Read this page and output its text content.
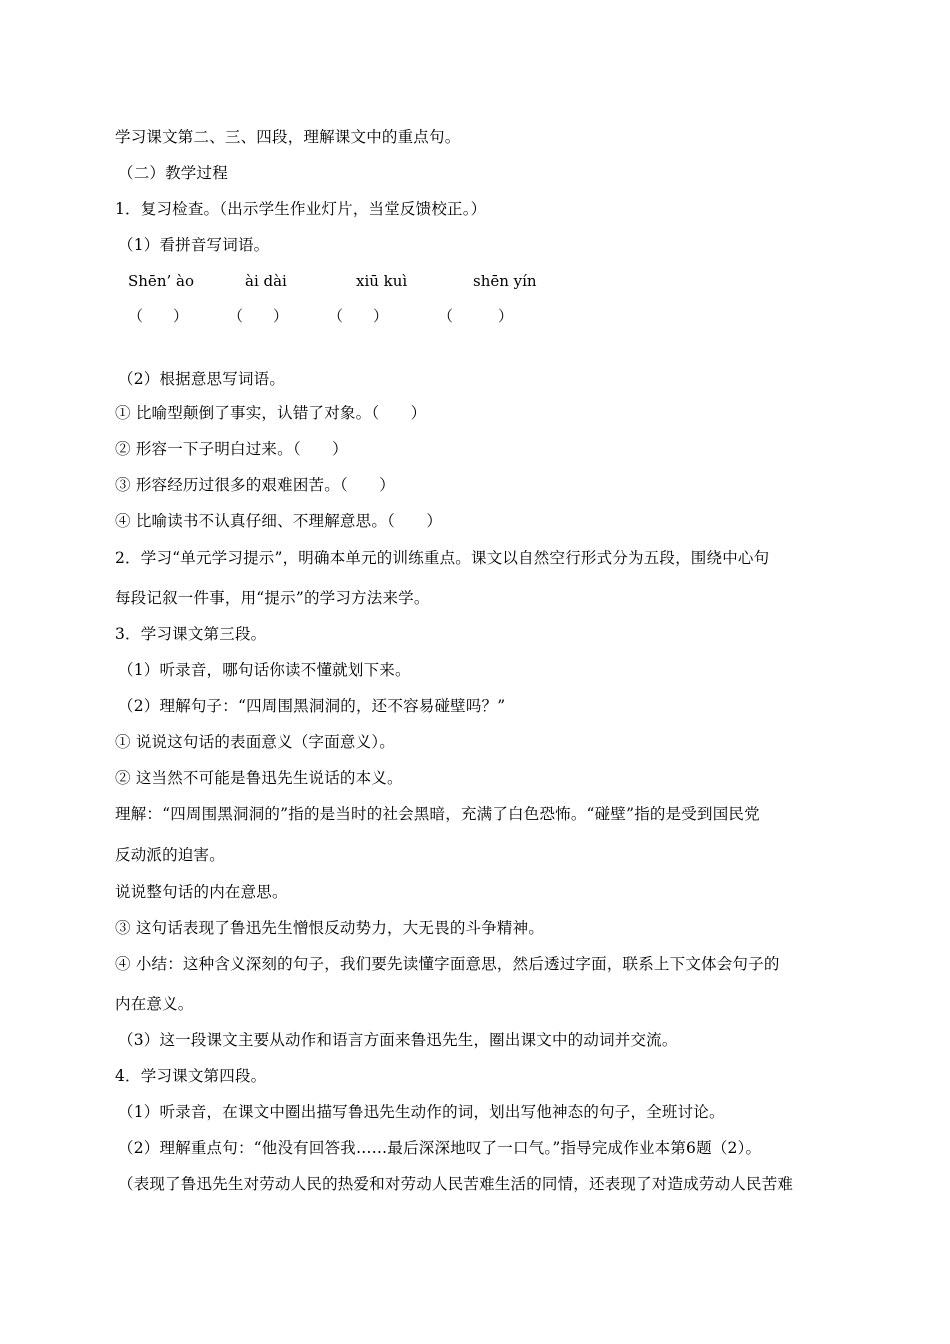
学习课文第二、三、四段，理解课文中的重点句。
（二）教学过程
1．复习检查。（出示学生作业灯片，当堂反馈校正。）
（1）看拼音写词语。
Shēn’ ào	ài dài	xiū kuì	shēn yín
（　　）	（　　）	（　　）	（　　　）
（2）根据意思写词语。
① 比喻型颠倒了事实，认错了对象。（　　）
② 形容一下子明白过来。（　　）
③ 形容经历过很多的艰难困苦。（　　）
④ 比喻读书不认真仔细、不理解意思。（　　）
2．学习“单元学习提示”，明确本单元的训练重点。课文以自然空行形式分为五段，围绕中心句
每段记叙一件事，用“提示”的学习方法来学。
3．学习课文第三段。
（1）听录音，哪句话你读不懂就划下来。
（2）理解句子：“四周围黑洞洞的，还不容易碰壁吗？”
① 说说这句话的表面意义（字面意义）。
② 这当然不可能是鲁迅先生说话的本义。
理解：“四周围黑洞洞的”指的是当时的社会黑暗，充满了白色恐怖。“碰壁”指的是受到国民党
反动派的迫害。
说说整句话的内在意思。
③ 这句话表现了鲁迅先生憎恨反动势力，大无畏的斗争精神。
④ 小结：这种含义深刻的句子，我们要先读懂字面意思，然后透过字面，联系上下文体会句子的
内在意义。
（3）这一段课文主要从动作和语言方面来鲁迅先生，圈出课文中的动词并交流。
4．学习课文第四段。
（1）听录音，在课文中圈出描写鲁迅先生动作的词，划出写他神态的句子，全班讨论。
（2）理解重点句：“他没有回答我……最后深深地叹了一口气。”指导完成作业本第6题（2）。
（表现了鲁迅先生对劳动人民的热爱和对劳动人民苦难生活的同情，还表现了对造成劳动人民苦难
